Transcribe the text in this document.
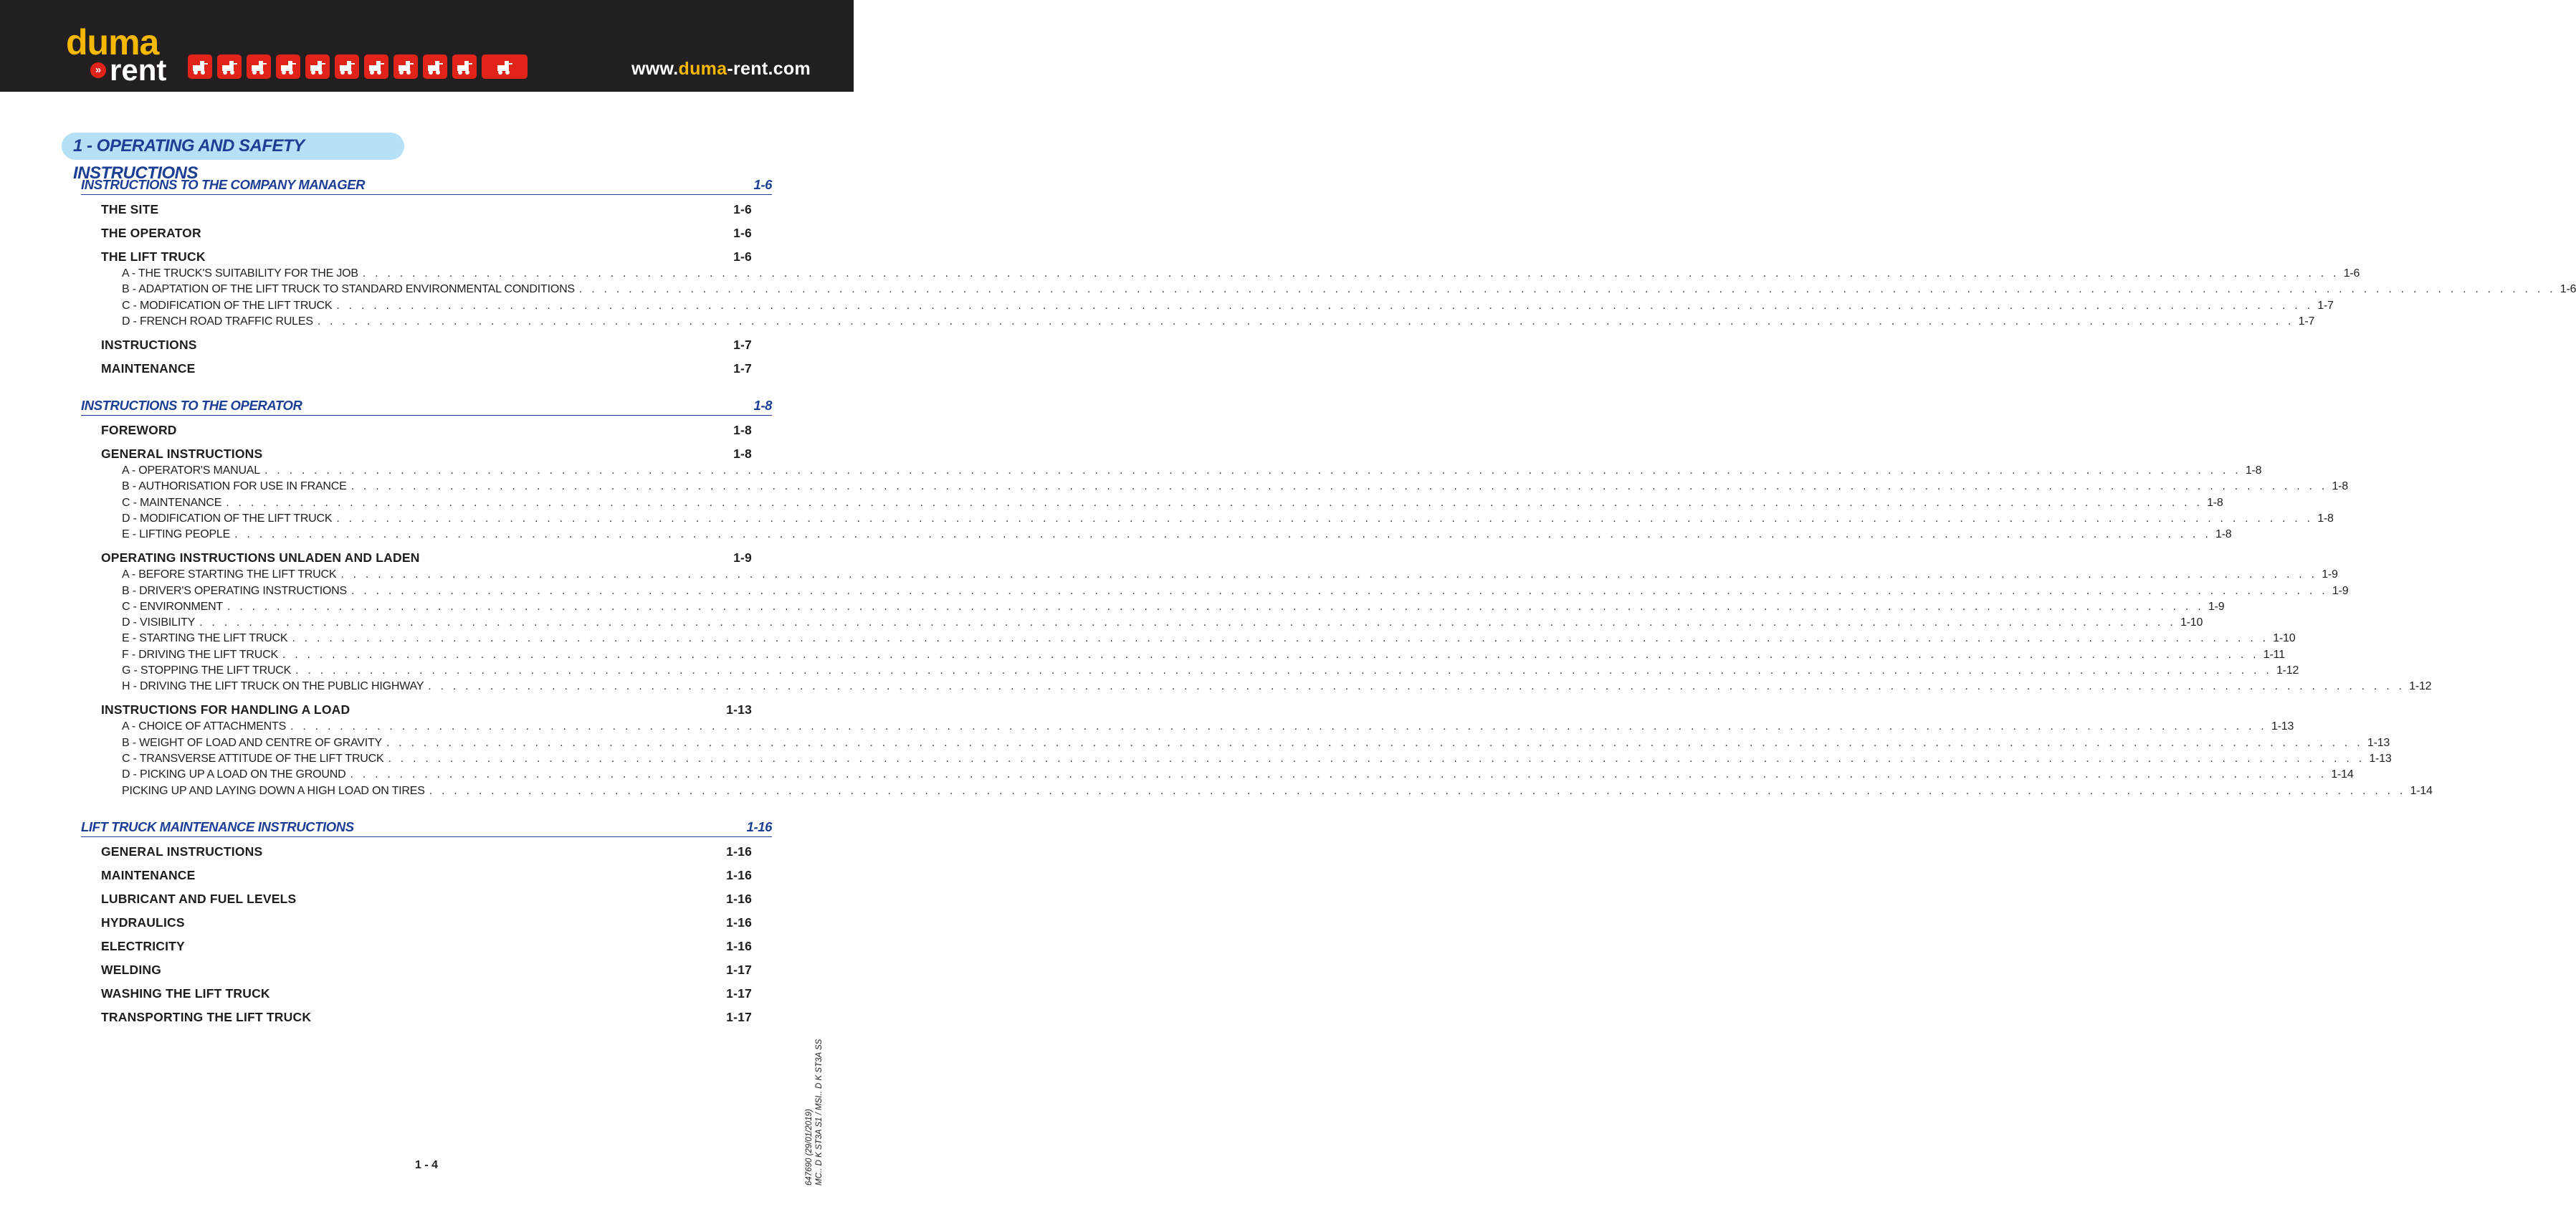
duma
» rent	www.duma-rent.com
1 - OPERATING AND SAFETY INSTRUCTIONS
INSTRUCTIONS TO THE COMPANY MANAGER	1-6
THE SITE	1-6
THE OPERATOR	1-6
THE LIFT TRUCK	1-6
A - THE TRUCK'S SUITABILITY FOR THE JOB . . . . . . . . . . . . . . . . . . . . . . . . . . . . . . . . . . . . . . . . . . . . . . . . . . . . . . . . . . . . . . . . . . . . . . . . . . . . . . . . . . . . . . . . . . . . . . . . . . . . . . . . . . . . . . . . . . . . . . . . . . . . . . . . . . . . . . . . . . . . . . . . . . . . . . . . . . . . . . . . 1-6
B - ADAPTATION OF THE LIFT TRUCK TO STANDARD ENVIRONMENTAL CONDITIONS . . . . . . . . . . . . . . . . . . . . . . . . . . . . . . . . . . . . . . . . . . . . . . . . . . . . . . . . . . . . . . . . . . . . . . . . . . . . . . . . . . . . . . . . . . . . . . . . . . . . . . . . . . . . . . . . . . . . . . . . . . . . . . . . . . . . . . . . . . . . . . . . . . . . . . . . . . . . . . . . 1-6
C - MODIFICATION OF THE LIFT TRUCK . . . . . . . . . . . . . . . . . . . . . . . . . . . . . . . . . . . . . . . . . . . . . . . . . . . . . . . . . . . . . . . . . . . . . . . . . . . . . . . . . . . . . . . . . . . . . . . . . . . . . . . . . . . . . . . . . . . . . . . . . . . . . . . . . . . . . . . . . . . . . . . . . . . . . . . . . . . . . . . . 1-7
D - FRENCH ROAD TRAFFIC RULES . . . . . . . . . . . . . . . . . . . . . . . . . . . . . . . . . . . . . . . . . . . . . . . . . . . . . . . . . . . . . . . . . . . . . . . . . . . . . . . . . . . . . . . . . . . . . . . . . . . . . . . . . . . . . . . . . . . . . . . . . . . . . . . . . . . . . . . . . . . . . . . . . . . . . . . . . . . . . . . . 1-7
INSTRUCTIONS	1-7
MAINTENANCE	1-7
INSTRUCTIONS TO THE OPERATOR	1-8
FOREWORD	1-8
GENERAL INSTRUCTIONS	1-8
A - OPERATOR'S MANUAL . . . . . . . . . . . . . . . . . . . . . . . . . . . . . . . . . . . . . . . . . . . . . . . . . . . . . . . . . . . . . . . . . . . . . . . . . . . . . . . . . . . . . . . . . . . . . . . . . . . . . . . . . . . . . . . . . . . . . . . . . . . . . . . . . . . . . . . . . . . . . . . . . . . . . . . . . . . . . . . . 1-8
B - AUTHORISATION FOR USE IN FRANCE . . . . . . . . . . . . . . . . . . . . . . . . . . . . . . . . . . . . . . . . . . . . . . . . . . . . . . . . . . . . . . . . . . . . . . . . . . . . . . . . . . . . . . . . . . . . . . . . . . . . . . . . . . . . . . . . . . . . . . . . . . . . . . . . . . . . . . . . . . . . . . . . . . . . . . . . . . . . . . . . 1-8
C - MAINTENANCE . . . . . . . . . . . . . . . . . . . . . . . . . . . . . . . . . . . . . . . . . . . . . . . . . . . . . . . . . . . . . . . . . . . . . . . . . . . . . . . . . . . . . . . . . . . . . . . . . . . . . . . . . . . . . . . . . . . . . . . . . . . . . . . . . . . . . . . . . . . . . . . . . . . . . . . . . . . . . . . . 1-8
D - MODIFICATION OF THE LIFT TRUCK . . . . . . . . . . . . . . . . . . . . . . . . . . . . . . . . . . . . . . . . . . . . . . . . . . . . . . . . . . . . . . . . . . . . . . . . . . . . . . . . . . . . . . . . . . . . . . . . . . . . . . . . . . . . . . . . . . . . . . . . . . . . . . . . . . . . . . . . . . . . . . . . . . . . . . . . . . . . . . . . 1-8
E - LIFTING PEOPLE . . . . . . . . . . . . . . . . . . . . . . . . . . . . . . . . . . . . . . . . . . . . . . . . . . . . . . . . . . . . . . . . . . . . . . . . . . . . . . . . . . . . . . . . . . . . . . . . . . . . . . . . . . . . . . . . . . . . . . . . . . . . . . . . . . . . . . . . . . . . . . . . . . . . . . . . . . . . . . . . 1-8
OPERATING INSTRUCTIONS UNLADEN AND LADEN	1-9
A - BEFORE STARTING THE LIFT TRUCK . . . . . . . . . . . . . . . . . . . . . . . . . . . . . . . . . . . . . . . . . . . . . . . . . . . . . . . . . . . . . . . . . . . . . . . . . . . . . . . . . . . . . . . . . . . . . . . . . . . . . . . . . . . . . . . . . . . . . . . . . . . . . . . . . . . . . . . . . . . . . . . . . . . . . . . . . . . . . . . . 1-9
B - DRIVER'S OPERATING INSTRUCTIONS . . . . . . . . . . . . . . . . . . . . . . . . . . . . . . . . . . . . . . . . . . . . . . . . . . . . . . . . . . . . . . . . . . . . . . . . . . . . . . . . . . . . . . . . . . . . . . . . . . . . . . . . . . . . . . . . . . . . . . . . . . . . . . . . . . . . . . . . . . . . . . . . . . . . . . . . . . . . . . . . 1-9
C - ENVIRONMENT . . . . . . . . . . . . . . . . . . . . . . . . . . . . . . . . . . . . . . . . . . . . . . . . . . . . . . . . . . . . . . . . . . . . . . . . . . . . . . . . . . . . . . . . . . . . . . . . . . . . . . . . . . . . . . . . . . . . . . . . . . . . . . . . . . . . . . . . . . . . . . . . . . . . . . . . . . . . . . . . 1-9
D - VISIBILITY . . . . . . . . . . . . . . . . . . . . . . . . . . . . . . . . . . . . . . . . . . . . . . . . . . . . . . . . . . . . . . . . . . . . . . . . . . . . . . . . . . . . . . . . . . . . . . . . . . . . . . . . . . . . . . . . . . . . . . . . . . . . . . . . . . . . . . . . . . . . . . . . . . . . . . . . . . . . . . . . 1-10
E - STARTING THE LIFT TRUCK . . . . . . . . . . . . . . . . . . . . . . . . . . . . . . . . . . . . . . . . . . . . . . . . . . . . . . . . . . . . . . . . . . . . . . . . . . . . . . . . . . . . . . . . . . . . . . . . . . . . . . . . . . . . . . . . . . . . . . . . . . . . . . . . . . . . . . . . . . . . . . . . . . . . . . . . . . . . . . . . 1-10
F - DRIVING THE LIFT TRUCK . . . . . . . . . . . . . . . . . . . . . . . . . . . . . . . . . . . . . . . . . . . . . . . . . . . . . . . . . . . . . . . . . . . . . . . . . . . . . . . . . . . . . . . . . . . . . . . . . . . . . . . . . . . . . . . . . . . . . . . . . . . . . . . . . . . . . . . . . . . . . . . . . . . . . . . . . . . . . . . . 1-11
G - STOPPING THE LIFT TRUCK . . . . . . . . . . . . . . . . . . . . . . . . . . . . . . . . . . . . . . . . . . . . . . . . . . . . . . . . . . . . . . . . . . . . . . . . . . . . . . . . . . . . . . . . . . . . . . . . . . . . . . . . . . . . . . . . . . . . . . . . . . . . . . . . . . . . . . . . . . . . . . . . . . . . . . . . . . . . . . . . 1-12
H - DRIVING THE LIFT TRUCK ON THE PUBLIC HIGHWAY . . . . . . . . . . . . . . . . . . . . . . . . . . . . . . . . . . . . . . . . . . . . . . . . . . . . . . . . . . . . . . . . . . . . . . . . . . . . . . . . . . . . . . . . . . . . . . . . . . . . . . . . . . . . . . . . . . . . . . . . . . . . . . . . . . . . . . . . . . . . . . . . . . . . . . . . . . . . . . . . 1-12
INSTRUCTIONS FOR HANDLING A LOAD	1-13
A - CHOICE OF ATTACHMENTS . . . . . . . . . . . . . . . . . . . . . . . . . . . . . . . . . . . . . . . . . . . . . . . . . . . . . . . . . . . . . . . . . . . . . . . . . . . . . . . . . . . . . . . . . . . . . . . . . . . . . . . . . . . . . . . . . . . . . . . . . . . . . . . . . . . . . . . . . . . . . . . . . . . . . . . . . . . . . . . . 1-13
B - WEIGHT OF LOAD AND CENTRE OF GRAVITY . . . . . . . . . . . . . . . . . . . . . . . . . . . . . . . . . . . . . . . . . . . . . . . . . . . . . . . . . . . . . . . . . . . . . . . . . . . . . . . . . . . . . . . . . . . . . . . . . . . . . . . . . . . . . . . . . . . . . . . . . . . . . . . . . . . . . . . . . . . . . . . . . . . . . . . . . . . . . . . . 1-13
C - TRANSVERSE ATTITUDE OF THE LIFT TRUCK . . . . . . . . . . . . . . . . . . . . . . . . . . . . . . . . . . . . . . . . . . . . . . . . . . . . . . . . . . . . . . . . . . . . . . . . . . . . . . . . . . . . . . . . . . . . . . . . . . . . . . . . . . . . . . . . . . . . . . . . . . . . . . . . . . . . . . . . . . . . . . . . . . . . . . . . . . . . . . . . 1-13
D - PICKING UP A LOAD ON THE GROUND . . . . . . . . . . . . . . . . . . . . . . . . . . . . . . . . . . . . . . . . . . . . . . . . . . . . . . . . . . . . . . . . . . . . . . . . . . . . . . . . . . . . . . . . . . . . . . . . . . . . . . . . . . . . . . . . . . . . . . . . . . . . . . . . . . . . . . . . . . . . . . . . . . . . . . . . . . . . . . . . 1-14
PICKING UP AND LAYING DOWN A HIGH LOAD ON TIRES . . . . . . . . . . . . . . . . . . . . . . . . . . . . . . . . . . . . . . . . . . . . . . . . . . . . . . . . . . . . . . . . . . . . . . . . . . . . . . . . . . . . . . . . . . . . . . . . . . . . . . . . . . . . . . . . . . . . . . . . . . . . . . . . . . . . . . . . . . . . . . . . . . . . . . . . . . . . . . . . 1-14
LIFT TRUCK MAINTENANCE INSTRUCTIONS	1-16
GENERAL INSTRUCTIONS	1-16
MAINTENANCE	1-16
LUBRICANT AND FUEL LEVELS	1-16
HYDRAULICS	1-16
ELECTRICITY	1-16
WELDING	1-17
WASHING THE LIFT TRUCK	1-17
TRANSPORTING THE LIFT TRUCK	1-17
1 - 4	647690 (29/01/2019) MC.. D K ST3A S1 / MSI.. D K ST3A SS
